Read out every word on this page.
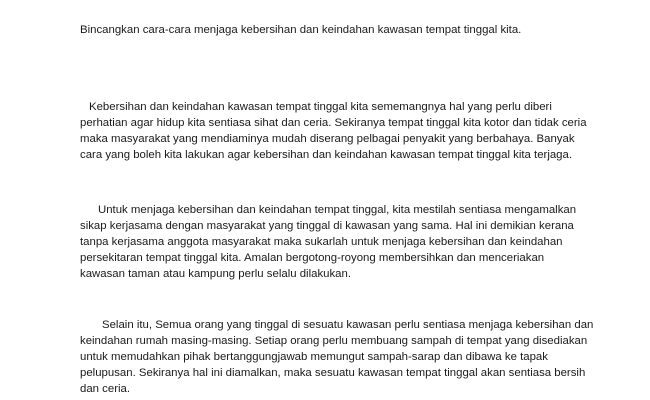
Bincangkan cara-cara menjaga kebersihan dan keindahan kawasan tempat tinggal kita.

Kebersihan dan keindahan kawasan tempat tinggal kita sememangnya hal yang perlu diberi
perhatian agar hidup kita sentiasa sihat dan ceria. Sekiranya tempat tinggal kita kotor dan tidak ceria
maka masyarakat yang mendiaminya mudah diserang pelbagai penyakit yang berbahaya. Banyak
cara yang boleh kita lakukan agar kebersihan dan keindahan kawasan tempat tinggal kita terjaga.
Untuk menjaga kebersihan dan keindahan tempat tinggal, kita mestilah sentiasa mengamalkan
sikap kerjasama dengan masyarakat yang tinggal di kawasan yang sama. Hal ini demikian kerana
tanpa kerjasama anggota masyarakat maka sukarlah untuk menjaga kebersihan dan keindahan
persekitaran tempat tinggal kita. Amalan bergotong-royong membersihkan dan menceriakan
kawasan taman atau kampung perlu selalu dilakukan.
Selain itu, Semua orang yang tinggal di sesuatu kawasan perlu sentiasa menjaga kebersihan dan
keindahan rumah masing-masing. Setiap orang perlu membuang sampah di tempat yang disediakan
untuk memudahkan pihak bertanggungjawab memungut sampah-sarap dan dibawa ke tapak
pelupusan. Sekiranya hal ini diamalkan, maka sesuatu kawasan tempat tinggal akan sentiasa bersih
dan ceria.
